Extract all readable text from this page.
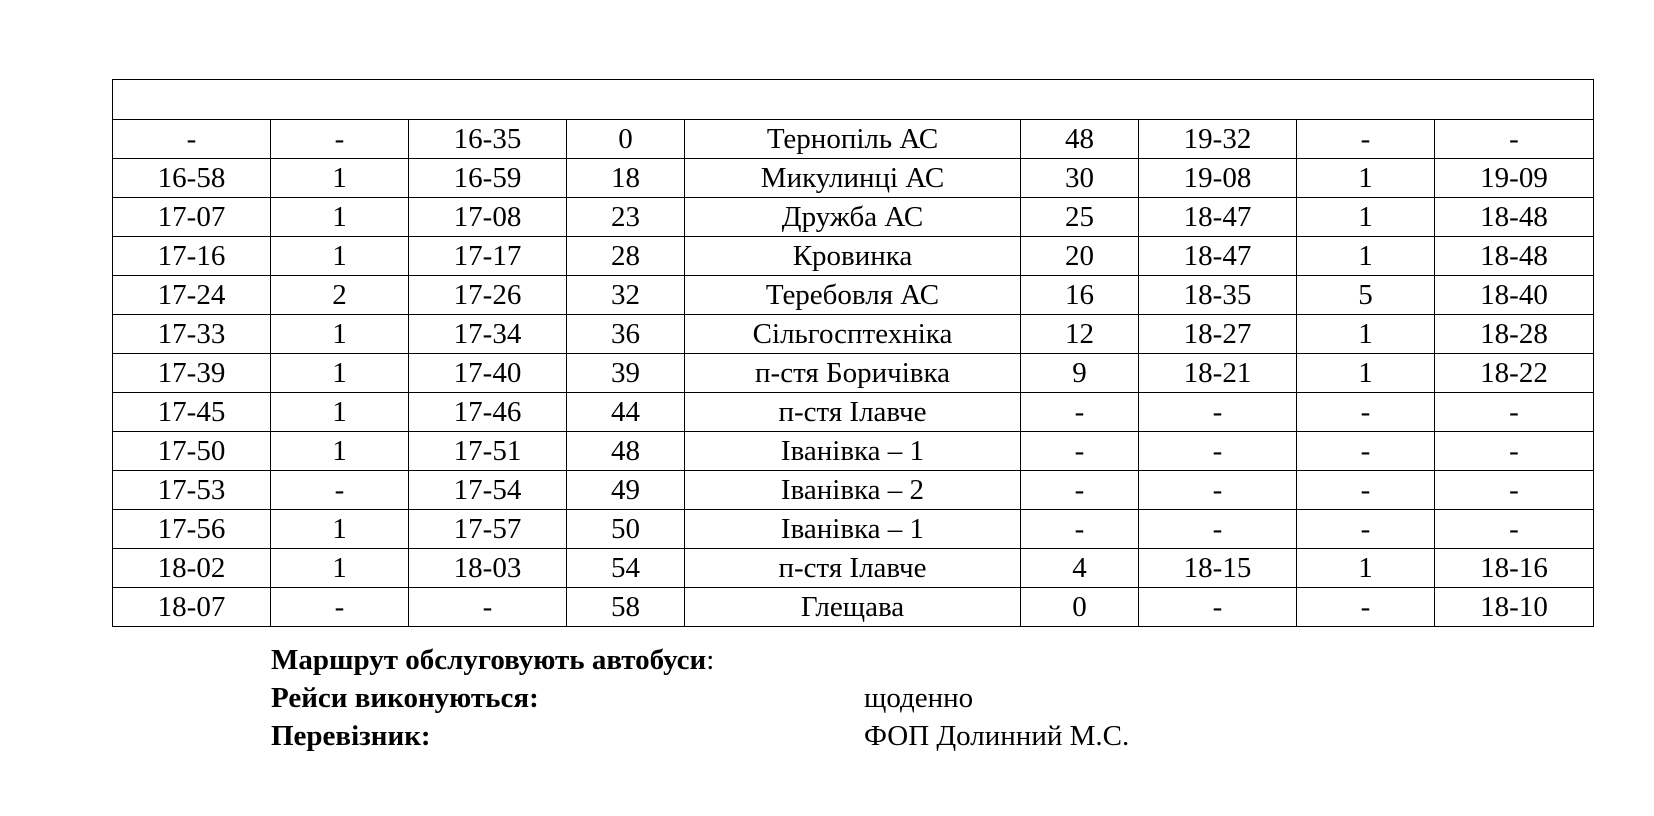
-	-	16-35	0	Тернопіль АС	48	19-32	-	-
16-58	1	16-59	18	Микулинці АС	30	19-08	1	19-09
17-07	1	17-08	23	Дружба АС	25	18-47	1	18-48
17-16	1	17-17	28	Кровинка	20	18-47	1	18-48
17-24	2	17-26	32	Теребовля АС	16	18-35	5	18-40
17-33	1	17-34	36	Сільгосптехніка	12	18-27	1	18-28
17-39	1	17-40	39	п-стя Боричівка	9	18-21	1	18-22
17-45	1	17-46	44	п-стя Ілавче	-	-	-	-
17-50	1	17-51	48	Іванівка – 1	-	-	-	-
17-53	-	17-54	49	Іванівка – 2	-	-	-	-
17-56	1	17-57	50	Іванівка – 1	-	-	-	-
18-02	1	18-03	54	п-стя Ілавче	4	18-15	1	18-16
18-07	-	-	58	Глещава	0	-	-	18-10
Маршрут обслуговують автобуси:
Рейси виконуються:	щоденно
Перевізник:	ФОП Долинний М.С.
